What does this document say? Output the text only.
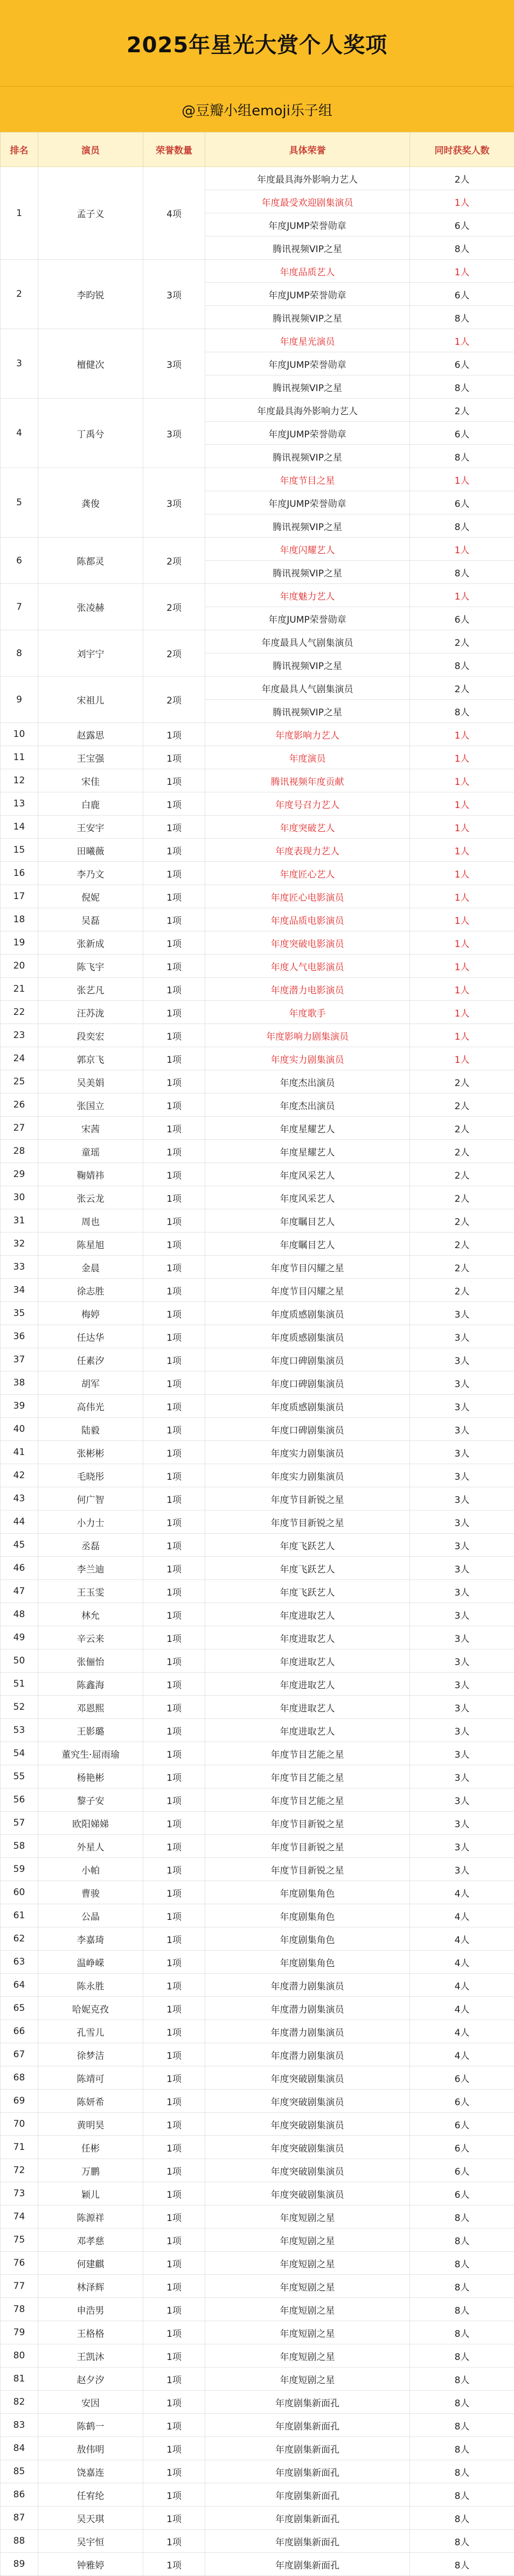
2025年星光大赏个人奖项
@豆瓣小组emoji乐子组
排名	演员	荣誉数量	具体荣誉	同时获奖人数
1	孟子义	4项	年度最具海外影响力艺人	2人
			年度最受欢迎剧集演员	1人
			年度JUMP荣誉勋章	6人
			腾讯视频VIP之星	8人
2	李昀锐	3项	年度品质艺人	1人
			年度JUMP荣誉勋章	6人
			腾讯视频VIP之星	8人
3	檀健次	3项	年度星光演员	1人
			年度JUMP荣誉勋章	6人
			腾讯视频VIP之星	8人
4	丁禹兮	3项	年度最具海外影响力艺人	2人
			年度JUMP荣誉勋章	6人
			腾讯视频VIP之星	8人
5	龚俊	3项	年度节目之星	1人
			年度JUMP荣誉勋章	6人
			腾讯视频VIP之星	8人
6	陈都灵	2项	年度闪耀艺人	1人
			腾讯视频VIP之星	8人
7	张凌赫	2项	年度魅力艺人	1人
			年度JUMP荣誉勋章	6人
8	刘宇宁	2项	年度最具人气剧集演员	2人
			腾讯视频VIP之星	8人
9	宋祖儿	2项	年度最具人气剧集演员	2人
			腾讯视频VIP之星	8人
10	赵露思	1项	年度影响力艺人	1人
11	王宝强	1项	年度演员	1人
12	宋佳	1项	腾讯视频年度贡献	1人
13	白鹿	1项	年度号召力艺人	1人
14	王安宇	1项	年度突破艺人	1人
15	田曦薇	1项	年度表现力艺人	1人
16	李乃文	1项	年度匠心艺人	1人
17	倪妮	1项	年度匠心电影演员	1人
18	吴磊	1项	年度品质电影演员	1人
19	张新成	1项	年度突破电影演员	1人
20	陈飞宇	1项	年度人气电影演员	1人
21	张艺凡	1项	年度潜力电影演员	1人
22	汪苏泷	1项	年度歌手	1人
23	段奕宏	1项	年度影响力剧集演员	1人
24	郭京飞	1项	年度实力剧集演员	1人
25	吴美娟	1项	年度杰出演员	2人
26	张国立	1项	年度杰出演员	2人
27	宋茜	1项	年度星耀艺人	2人
28	童瑶	1项	年度星耀艺人	2人
29	鞠婧祎	1项	年度风采艺人	2人
30	张云龙	1项	年度风采艺人	2人
31	周也	1项	年度瞩目艺人	2人
32	陈星旭	1项	年度瞩目艺人	2人
33	金晨	1项	年度节目闪耀之星	2人
34	徐志胜	1项	年度节目闪耀之星	2人
35	梅婷	1项	年度质感剧集演员	3人
36	任达华	1项	年度质感剧集演员	3人
37	任素汐	1项	年度口碑剧集演员	3人
38	胡军	1项	年度口碑剧集演员	3人
39	高伟光	1项	年度质感剧集演员	3人
40	陆毅	1项	年度口碑剧集演员	3人
41	张彬彬	1项	年度实力剧集演员	3人
42	毛晓彤	1项	年度实力剧集演员	3人
43	何广智	1项	年度节目新锐之星	3人
44	小力士	1项	年度节目新锐之星	3人
45	丞磊	1项	年度飞跃艺人	3人
46	李兰迪	1项	年度飞跃艺人	3人
47	王玉雯	1项	年度飞跃艺人	3人
48	林允	1项	年度进取艺人	3人
49	辛云来	1项	年度进取艺人	3人
50	张俪怡	1项	年度进取艺人	3人
51	陈鑫海	1项	年度进取艺人	3人
52	邓恩熙	1项	年度进取艺人	3人
53	王影璐	1项	年度进取艺人	3人
54	董究生·屈雨瑜	1项	年度节目艺能之星	3人
55	杨艳彬	1项	年度节目艺能之星	3人
56	黎子安	1项	年度节目艺能之星	3人
57	欧阳娣娣	1项	年度节目新锐之星	3人
58	外星人	1项	年度节目新锐之星	3人
59	小帕	1项	年度节目新锐之星	3人
60	曹骏	1项	年度剧集角色	4人
61	公晶	1项	年度剧集角色	4人
62	李嘉琦	1项	年度剧集角色	4人
63	温峥嵘	1项	年度剧集角色	4人
64	陈永胜	1项	年度潜力剧集演员	4人
65	哈妮克孜	1项	年度潜力剧集演员	4人
66	孔雪儿	1项	年度潜力剧集演员	4人
67	徐梦洁	1项	年度潜力剧集演员	4人
68	陈靖可	1项	年度突破剧集演员	6人
69	陈妍希	1项	年度突破剧集演员	6人
70	黄明昊	1项	年度突破剧集演员	6人
71	任彬	1项	年度突破剧集演员	6人
72	万鹏	1项	年度突破剧集演员	6人
73	颖儿	1项	年度突破剧集演员	6人
74	陈源祥	1项	年度短剧之星	8人
75	邓孝慈	1项	年度短剧之星	8人
76	何建麒	1项	年度短剧之星	8人
77	林泽辉	1项	年度短剧之星	8人
78	申浩男	1项	年度短剧之星	8人
79	王格格	1项	年度短剧之星	8人
80	王凯沐	1项	年度短剧之星	8人
81	赵夕汐	1项	年度短剧之星	8人
82	安因	1项	年度剧集新面孔	8人
83	陈鹤一	1项	年度剧集新面孔	8人
84	敖伟明	1项	年度剧集新面孔	8人
85	饶嘉连	1项	年度剧集新面孔	8人
86	任宥纶	1项	年度剧集新面孔	8人
87	吴天琪	1项	年度剧集新面孔	8人
88	吴宇恒	1项	年度剧集新面孔	8人
89	钟雅婷	1项	年度剧集新面孔	8人
